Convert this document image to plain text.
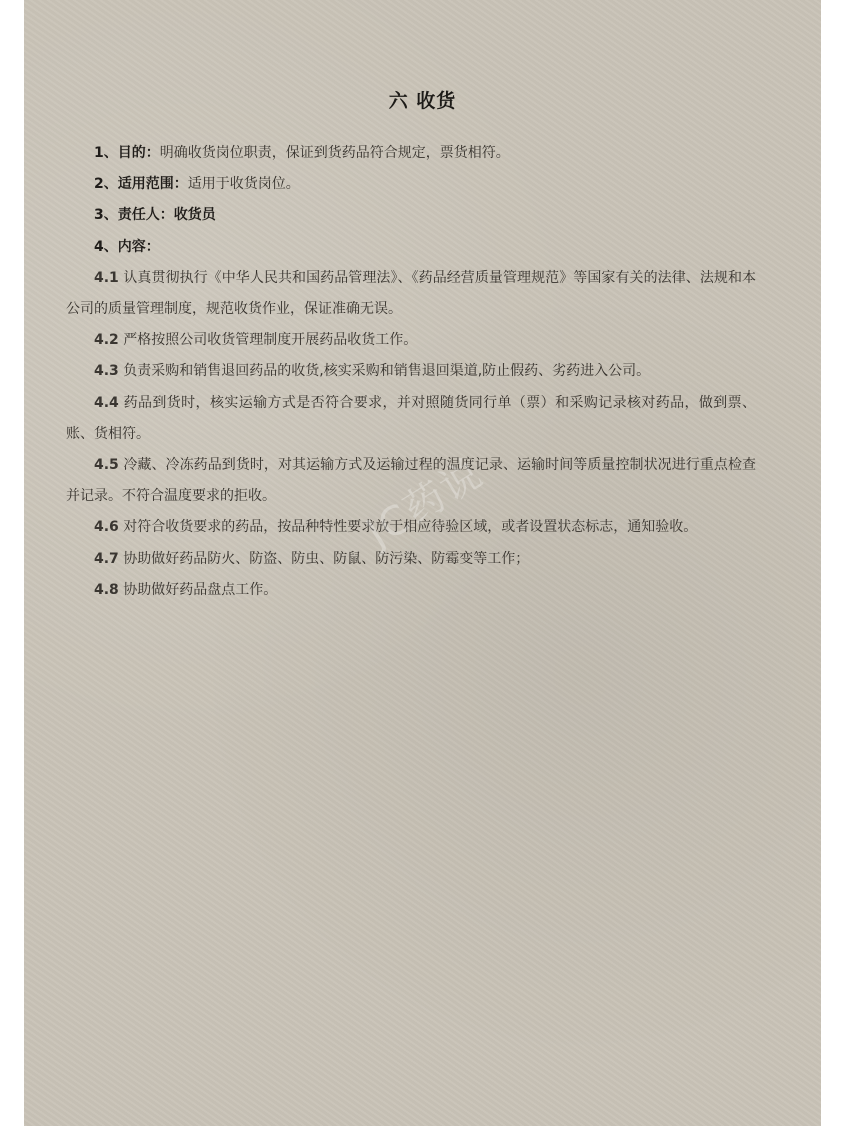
六 收货

1、目的：明确收货岗位职责，保证到货药品符合规定，票货相符。

2、适用范围：适用于收货岗位。

3、责任人：收货员

4、内容：

4.1 认真贯彻执行《中华人民共和国药品管理法》、《药品经营质量管理规范》等国家有关的法律、法规和本公司的质量管理制度，规范收货作业，保证准确无误。

4.2 严格按照公司收货管理制度开展药品收货工作。

4.3 负责采购和销售退回药品的收货,核实采购和销售退回渠道,防止假药、劣药进入公司。

4.4 药品到货时，核实运输方式是否符合要求，并对照随货同行单（票）和采购记录核对药品，做到票、账、货相符。

4.5 冷藏、冷冻药品到货时，对其运输方式及运输过程的温度记录、运输时间等质量控制状况进行重点检查并记录。不符合温度要求的拒收。

4.6 对符合收货要求的药品，按品种特性要求放于相应待验区域，或者设置状态标志，通知验收。

4.7 协助做好药品防火、防盗、防虫、防鼠、防污染、防霉变等工作；

4.8 协助做好药品盘点工作。

JC药说
